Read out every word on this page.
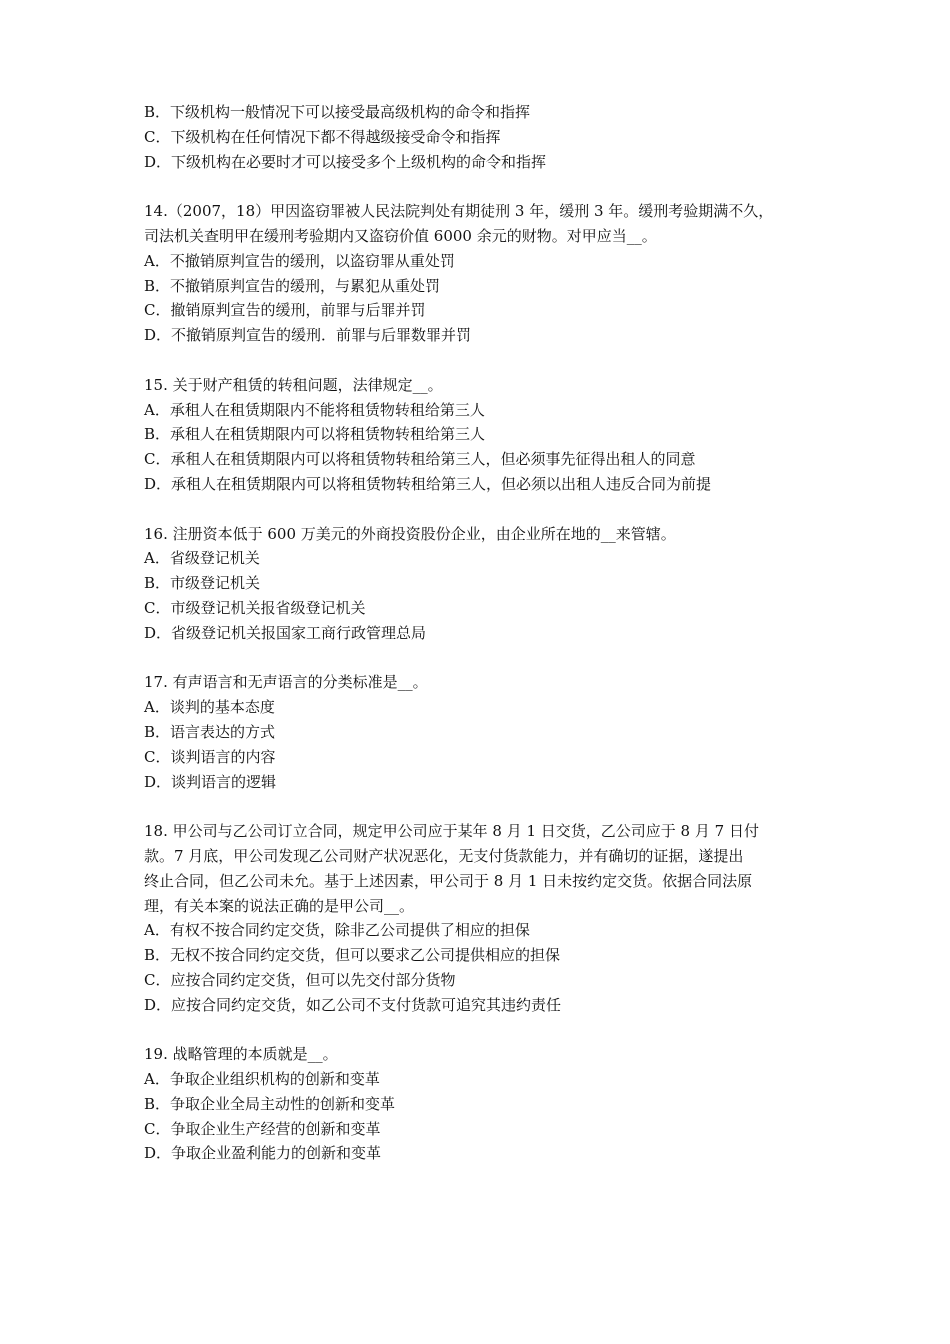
B．下级机构一般情况下可以接受最高级机构的命令和指挥

C．下级机构在任何情况下都不得越级接受命令和指挥

D．下级机构在必要时才可以接受多个上级机构的命令和指挥

14.（2007，18）甲因盗窃罪被人民法院判处有期徒刑 3 年，缓刑 3 年。缓刑考验期满不久，

司法机关查明甲在缓刑考验期内又盗窃价值 6000 余元的财物。对甲应当__。

A．不撤销原判宣告的缓刑，以盗窃罪从重处罚

B．不撤销原判宣告的缓刑，与累犯从重处罚

C．撤销原判宣告的缓刑，前罪与后罪并罚

D．不撤销原判宣告的缓刑．前罪与后罪数罪并罚

15. 关于财产租赁的转租问题，法律规定__。

A．承租人在租赁期限内不能将租赁物转租给第三人

B．承租人在租赁期限内可以将租赁物转租给第三人

C．承租人在租赁期限内可以将租赁物转租给第三人，但必须事先征得出租人的同意

D．承租人在租赁期限内可以将租赁物转租给第三人，但必须以出租人违反合同为前提

16. 注册资本低于 600 万美元的外商投资股份企业，由企业所在地的__来管辖。

A．省级登记机关

B．市级登记机关

C．市级登记机关报省级登记机关

D．省级登记机关报国家工商行政管理总局

17. 有声语言和无声语言的分类标准是__。

A．谈判的基本态度

B．语言表达的方式

C．谈判语言的内容

D．谈判语言的逻辑

18. 甲公司与乙公司订立合同，规定甲公司应于某年 8 月 1 日交货，乙公司应于 8 月 7 日付

款。7 月底，甲公司发现乙公司财产状况恶化，无支付货款能力，并有确切的证据，遂提出

终止合同，但乙公司未允。基于上述因素，甲公司于 8 月 1 日未按约定交货。依据合同法原

理，有关本案的说法正确的是甲公司__。

A．有权不按合同约定交货，除非乙公司提供了相应的担保

B．无权不按合同约定交货，但可以要求乙公司提供相应的担保

C．应按合同约定交货，但可以先交付部分货物

D．应按合同约定交货，如乙公司不支付货款可追究其违约责任

19. 战略管理的本质就是__。

A．争取企业组织机构的创新和变革

B．争取企业全局主动性的创新和变革

C．争取企业生产经营的创新和变革

D．争取企业盈利能力的创新和变革
